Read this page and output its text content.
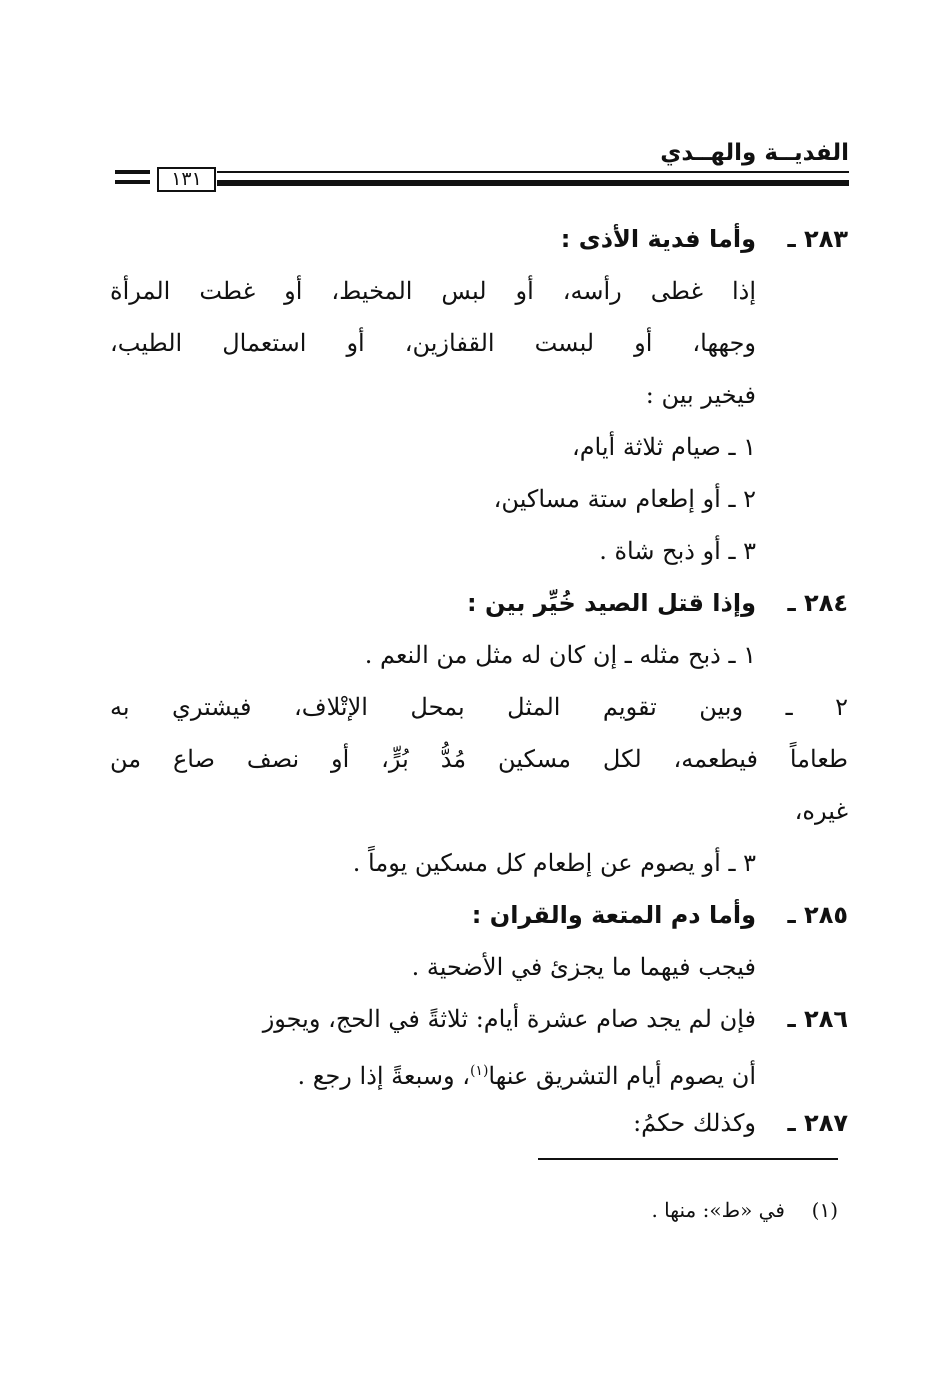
الفديــة والهــدي
١٣١
٢٨٣ ـوأما فدية الأذى :
إذا غطى رأسه، أو لبس المخيط، أو غطت المرأة
وجهها، أو لبست القفازين، أو استعمال الطيب،
فيخير بين :
١ ـ صيام ثلاثة أيام،
٢ ـ أو إطعام ستة مساكين،
٣ ـ أو ذبح شاة .
٢٨٤ ـوإذا قتل الصيد خُيِّر بين :
١ ـ ذبح مثله ـ إن كان له مثل من النعم .
٢ ـ وبين تقويم المثل بمحل الإتْلاف، فيشتري به
طعاماً فيطعمه، لكل مسكين مُدُّ بُرٍّ، أو نصف صاع من
غيره،
٣ ـ أو يصوم عن إطعام كل مسكين يوماً .
٢٨٥ ـوأما دم المتعة والقران :
فيجب فيهما ما يجزئ في الأضحية .
٢٨٦ ـفإن لم يجد صام عشرة أيام: ثلاثةً في الحج، ويجوز
أن يصوم أيام التشريق عنها$^{(١)}$، وسبعةً إذا رجع .
٢٨٧ ـوكذلك حكمُ:
(١)  في «ط»: منها .
